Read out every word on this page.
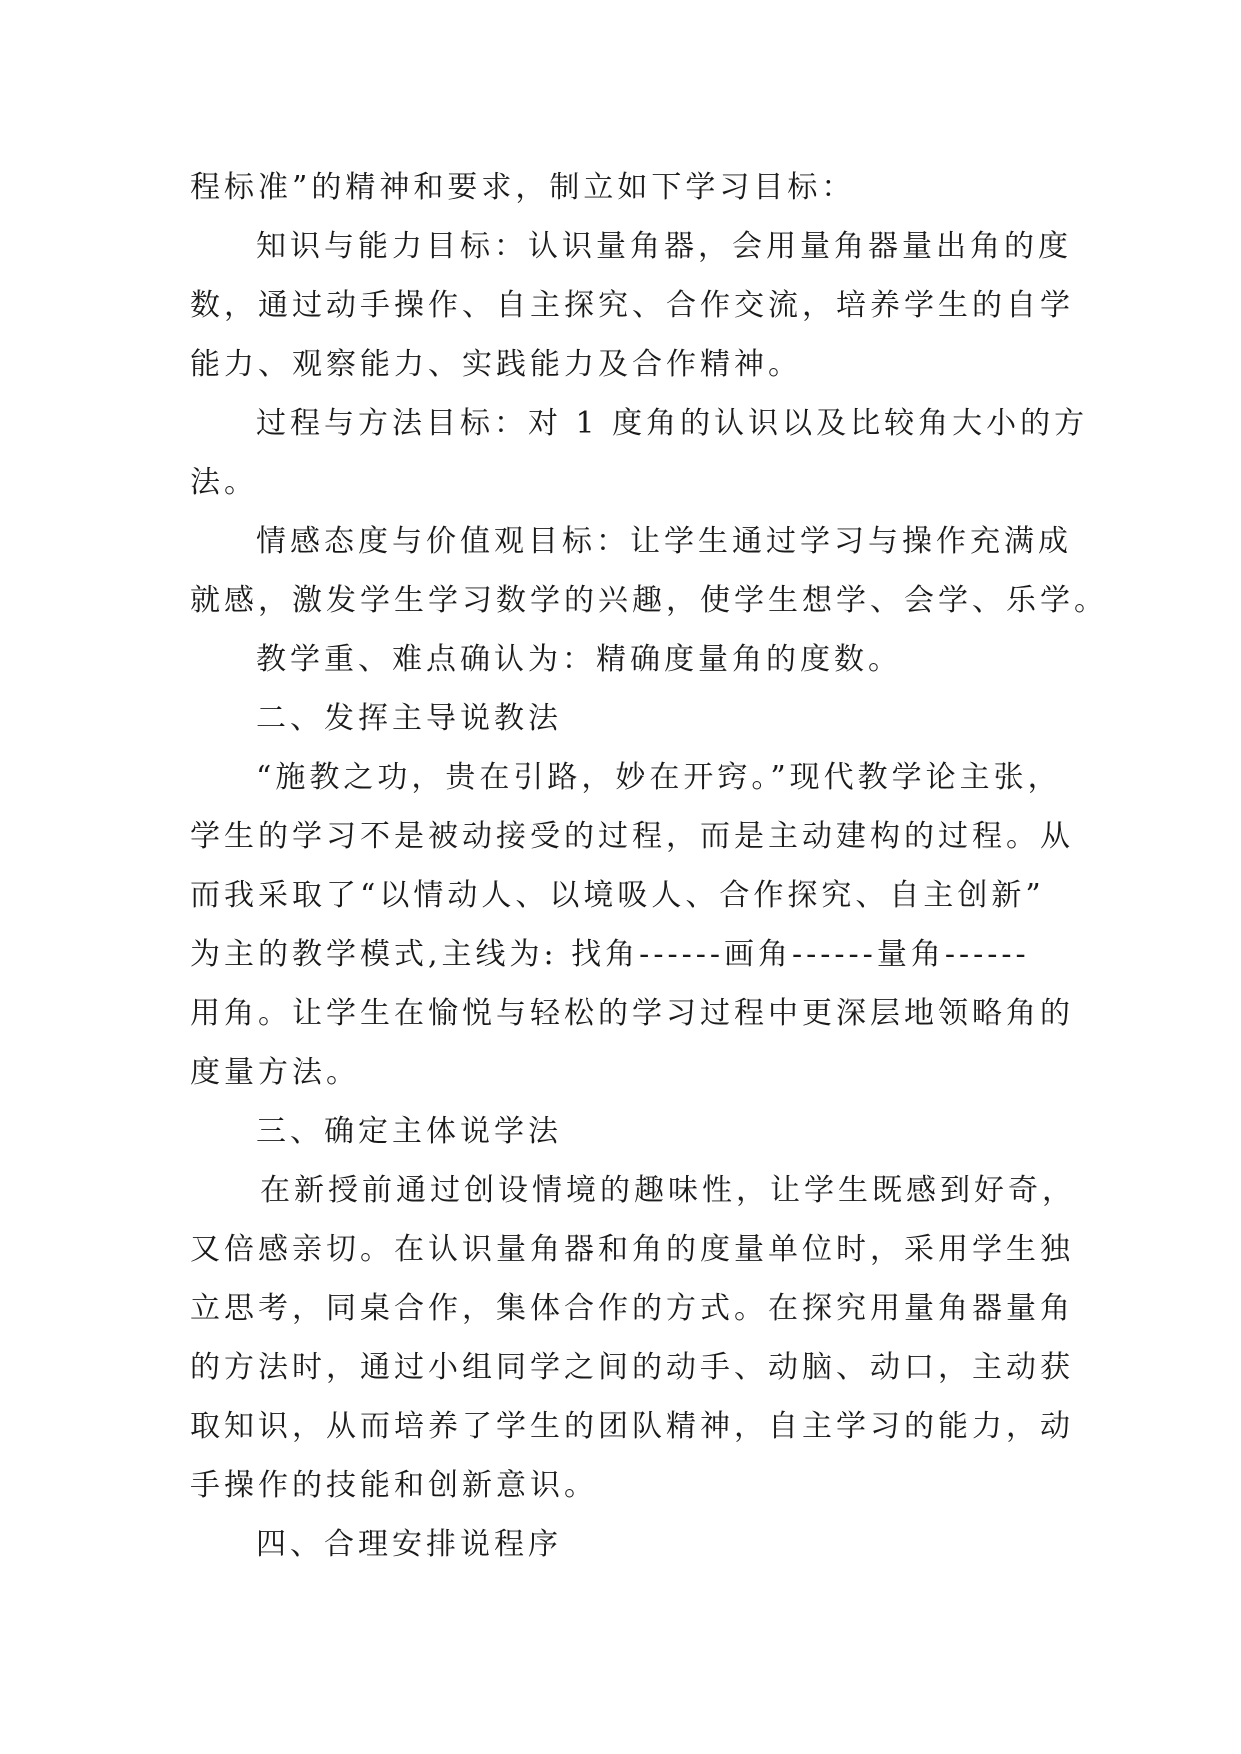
程标准”的精神和要求，制立如下学习目标：
知识与能力目标：认识量角器，会用量角器量出角的度
数，通过动手操作、自主探究、合作交流，培养学生的自学
能力、观察能力、实践能力及合作精神。
过程与方法目标：对 1 度角的认识以及比较角大小的方
法。
情感态度与价值观目标：让学生通过学习与操作充满成
就感，激发学生学习数学的兴趣，使学生想学、会学、乐学。
教学重、难点确认为：精确度量角的度数。
二、发挥主导说教法
“施教之功，贵在引路，妙在开窍。”现代教学论主张，
学生的学习不是被动接受的过程，而是主动建构的过程。从
而我采取了“以情动人、以境吸人、合作探究、自主创新”
为主的教学模式,主线为: 找角------画角------量角------
用角。让学生在愉悦与轻松的学习过程中更深层地领略角的
度量方法。
三、确定主体说学法
在新授前通过创设情境的趣味性，让学生既感到好奇，
又倍感亲切。在认识量角器和角的度量单位时，采用学生独
立思考，同桌合作，集体合作的方式。在探究用量角器量角
的方法时，通过小组同学之间的动手、动脑、动口，主动获
取知识，从而培养了学生的团队精神，自主学习的能力，动
手操作的技能和创新意识。
四、合理安排说程序
